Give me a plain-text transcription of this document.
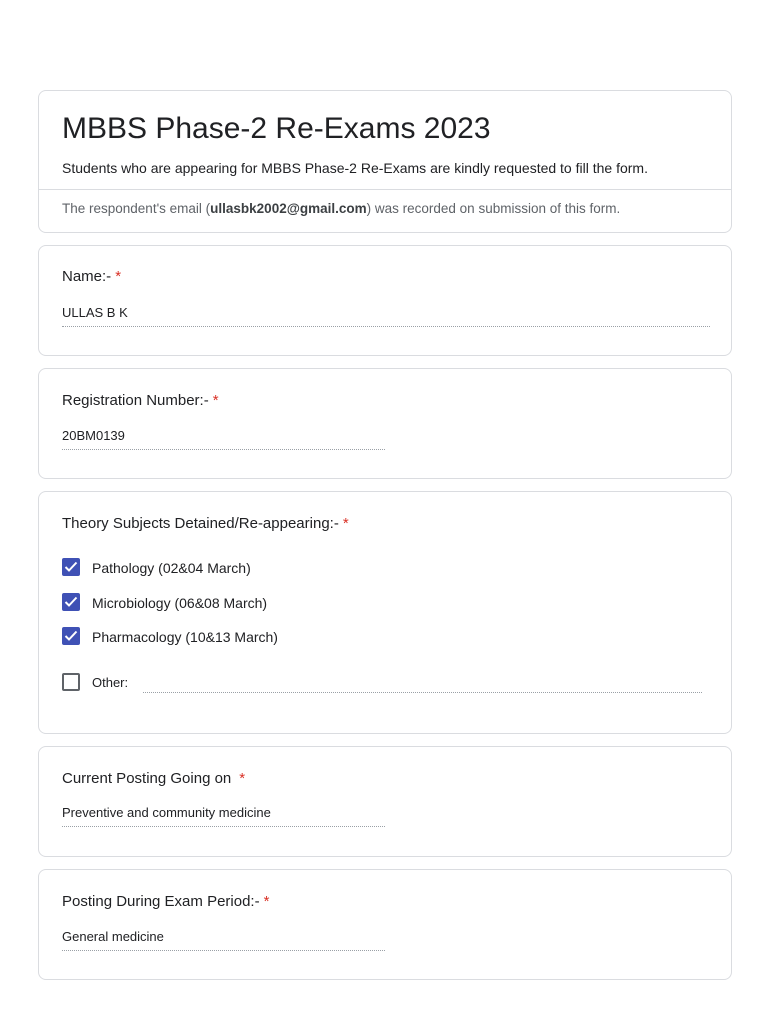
MBBS Phase-2 Re-Exams 2023
Students who are appearing for MBBS Phase-2 Re-Exams are kindly requested to fill the form.
The respondent's email (ullasbk2002@gmail.com) was recorded on submission of this form.
Name:- *
ULLAS B K
Registration Number:- *
20BM0139
Theory Subjects Detained/Re-appearing:- *
Pathology (02&04 March)
Microbiology (06&08 March)
Pharmacology (10&13 March)
Other:
Current Posting Going on *
Preventive and community medicine
Posting During Exam Period:- *
General medicine
